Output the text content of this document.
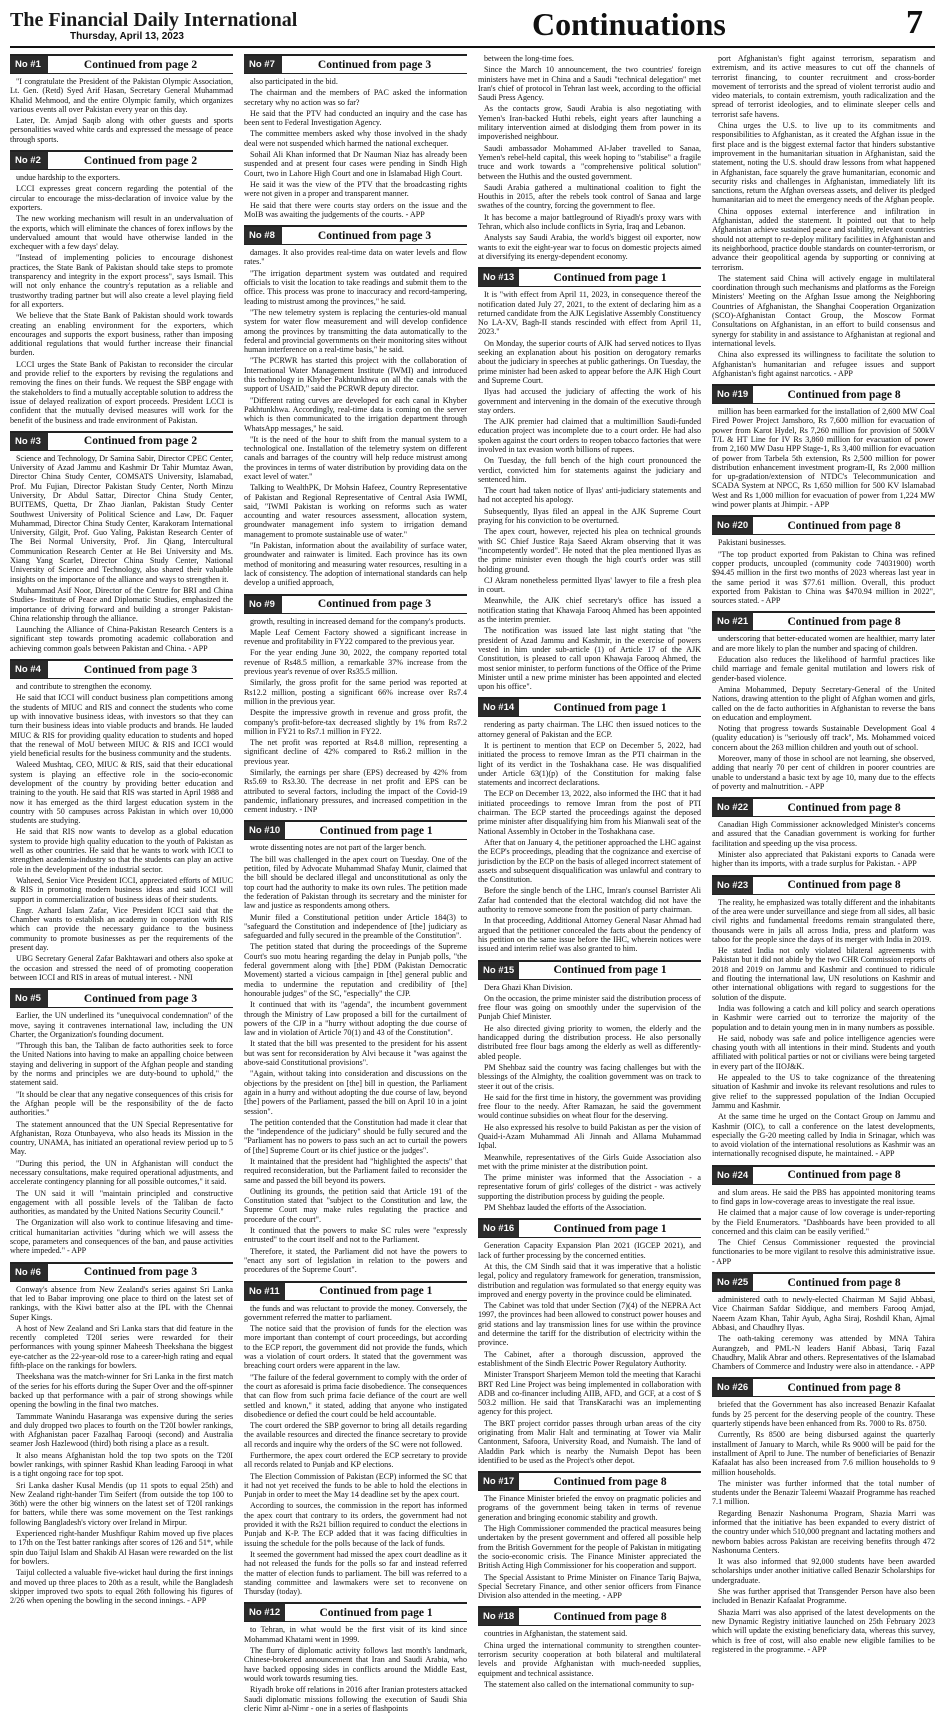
The Financial Daily International
Thursday, April 13, 2023	Continuations	7
No #1	Continued from page 2

"I congratulate the President of the Pakistan Olympic Association, Lt. Gen. (Retd) Syed Arif Hasan, Secretary General Muhammad Khalid Mehmood, and the entire Olympic family, which organizes various events all over Pakistan every year on this day.

Later, Dr. Amjad Saqib along with other guests and sports personalities waved white cards and expressed the message of peace through sports.

No #2	Continued from page 2

undue hardship to the exporters.

LCCI expresses great concern regarding the potential of the circular to encourage the miss-declaration of invoice value by the exporters.

The new working mechanism will result in an undervaluation of the exports, which will eliminate the chances of forex inflows by the undervalued amount that would have otherwise landed in the exchequer with a few days' delay.

"Instead of implementing policies to encourage dishonest practices, the State Bank of Pakistan should take steps to promote transparency and integrity in the export process", says Ismail. This will not only enhance the country's reputation as a reliable and trustworthy trading partner but will also create a level playing field for all exporters.

We believe that the State Bank of Pakistan should work towards creating an enabling environment for the exporters, which encourages and supports the export business, rather than imposing additional regulations that would further increase their financial burden.

LCCI urges the State Bank of Pakistan to reconsider the circular and provide relief to the exporters by revising the regulations and removing the fines on their funds. We request the SBP engage with the stakeholders to find a mutually acceptable solution to address the issue of delayed realization of export proceeds. President LCCI is confident that the mutually devised measures will work for the benefit of the business and trade environment of Pakistan.

No #3	Continued from page 2

Science and Technology, Dr Samina Sabir, Director CPEC Center, University of Azad Jammu and Kashmir Dr Tahir Mumtaz Awan, Director China Study Center, COMSATS University, Islamabad, Prof. Mu Fujian, Director Pakistan Study Center, North Minzu University, Dr Abdul Sattar, Director China Study Center, BUITEMS, Quetta, Dr Zhao Jianlan, Pakistan Study Center Southwest University of Political Science and Law, Dr. Faquer Muhammad, Director China Study Center, Karakoram International University, Gilgit, Prof. Guo Yaling, Pakistan Research Center of The Bei Normal University, Prof. Jin Qiang, Intercultural Communication Research Center at He Bei University and Ms. Xiang Yang Scarlet, Director China Study Center, National University of Science and Technology, also shared their valuable insights on the importance of the alliance and ways to strengthen it.

Muhammad Asif Noor, Director of the Centre for BRI and China Studies- Institute of Peace and Diplomatic Studies, emphasized the importance of driving forward and building a stronger Pakistan-China relationship through the alliance.

Launching the Alliance of China-Pakistan Research Centers is a significant step towards promoting academic collaboration and achieving common goals between Pakistan and China. - APP

No #4	Continued from page 3

and contribute to strengthen the economy.

He said that ICCI will conduct business plan competitions among the students of MIUC and RIS and connect the students who come up with innovative business ideas, with investors so that they can turn their business ideas into viable products and brands. He lauded MIUC & RIS for providing quality education to students and hoped that the renewal of MoU between MIUC & RIS and ICCI would yield beneficial results for the business community and the students.

Waleed Mushtaq, CEO, MIUC & RIS, said that their educational system is playing an effective role in the socio-economic development of the country by providing better education and training to the youth. He said that RIS was started in April 1988 and now it has emerged as the third largest education system in the country with 50 campuses across Pakistan in which over 10,000 students are studying.

He said that RIS now wants to develop as a global education system to provide high quality education to the youth of Pakistan as well as other countries. He said that he wants to work with ICCI to strengthen academia-industry so that the students can play an active role in the development of the industrial sector.

Waheed, Senior Vice President ICCI, appreciated efforts of MIUC & RIS in promoting modern business ideas and said ICCI will support in commercialization of business ideas of their students.

Engr. Azhard Islam Zafar, Vice President ICCI said that the Chamber wants to establish an academy in cooperation with RIS which can provide the necessary guidance to the business community to promote businesses as per the requirements of the present day.

UBG Secretary General Zafar Bakhtawari and others also spoke at the occasion and stressed the need of of promoting cooperation between ICCI and RIS in areas of mutual interest. - NNI

No #5	Continued from page 3

Earlier, the UN underlined its "unequivocal condemnation" of the move, saying it contravenes international law, including the UN Charter, the Organization's founding document.

"Through this ban, the Taliban de facto authorities seek to force the United Nations into having to make an appalling choice between staying and delivering in support of the Afghan people and standing by the norms and principles we are duty-bound to uphold," the statement said.

"It should be clear that any negative consequences of this crisis for the Afghan people will be the responsibility of the de facto authorities."

The statement announced that the UN Special Representative for Afghanistan, Roza Otunbayeva, who also heads its Mission in the country, UNAMA, has initiated an operational review period up to 5 May.

"During this period, the UN in Afghanistan will conduct the necessary consultations, make required operational adjustments, and accelerate contingency planning for all possible outcomes," it said.

The UN said it will "maintain principled and constructive engagement with all possible levels of the Taliban de facto authorities, as mandated by the United Nations Security Council."

The Organization will also work to continue lifesaving and time-critical humanitarian activities "during which we will assess the scope, parameters and consequences of the ban, and pause activities where impeded." - APP

No #6	Continued from page 3

Conway's absence from New Zealand's series against Sri Lanka that led to Babar improving one place to third on the latest set of rankings, with the Kiwi batter also at the IPL with the Chennai Super Kings.

A host of New Zealand and Sri Lanka stars that did feature in the recently completed T20I series were rewarded for their performances with young spinner Maheesh Theekshana the biggest eye-catcher as the 22-year-old rose to a career-high rating and equal fifth-place on the rankings for bowlers.

Theekshana was the match-winner for Sri Lanka in the first match of the series for his efforts during the Super Over and the off-spinner backed up that performance with a pair of strong showings while opening the bowling in the final two matches.

Tammmate Wanindu Hasaranga was expensive during the series and duly dropped two places to fourth on the T20I bowler rankings, with Afghanistan pacer Fazalhaq Farooqi (second) and Australia seamer Josh Hazlewood (third) both rising a place as a result.

It also means Afghanistan hold the top two spots on the T20I bowler rankings, with spinner Rashid Khan leading Farooqi in what is a tight ongoing race for top spot.

Sri Lanka dasher Kusal Mendis (up 11 spots to equal 25th) and New Zealand right-hander Tim Seifert (from outside the top 100 to 36th) were the other big winners on the latest set of T20I rankings for batters, while there was some movement on the Test rankings following Bangladesh's victory over Ireland in Mirpur.

Experienced right-hander Mushfiqur Rahim moved up five places to 17th on the Test batter rankings after scores of 126 and 51*, while spin duo Taijul Islam and Shakib Al Hasan were rewarded on the list for bowlers.

Taijul collected a valuable five-wicket haul during the first innings and moved up three places to 20th as a result, while the Bangladesh skipper improved two spots to equal 26th following his figures of 2/26 when opening the bowling in the second innings. - APP

No #7	Continued from page 3

also participated in the bid.

The chairman and the members of PAC asked the information secretary why no action was so far?

He said that the PTV had conducted an inquiry and the case has been sent to Federal Investigation Agency.

The committee members asked why those involved in the shady deal were not suspended which harmed the national exchequer.

Sohail Ali Khan informed that Dr Nauman Niaz has already been suspended and at present four cases were pending in Sindh High Court, two in Lahore High Court and one in Islamabad High Court.

He said it was the view of the PTV that the broadcasting rights were not given in a proper and transparent manner.

He said that there were courts stay orders on the issue and the MoIB was awaiting the judgements of the courts. - APP

No #8	Continued from page 3

damages. It also provides real-time data on water levels and flow rates."

"The irrigation department system was outdated and required officials to visit the location to take readings and submit them to the office. This process was prone to inaccuracy and record-tampering, leading to mistrust among the provinces," he said.

"The new telemetry system is replacing the centuries-old manual system for water flow measurement and will develop confidence among the provinces by transmitting the data automatically to the federal and provincial governments on their monitoring sites without human interference on a real-time basis," he said.

"The PCRWR has started this project with the collaboration of International Water Management Institute (IWMI) and introduced this technology in Khyber Pakhtunkhwa on all the canals with the support of USAID," said the PCRWR deputy director.

"Different rating curves are developed for each canal in Khyber Pakhtunkhwa. Accordingly, real-time data is coming on the server which is then communicated to the irrigation department through WhatsApp messages," he said.

"It is the need of the hour to shift from the manual system to a technological one. Installation of the telemetry system on different canals and barrages of the country will help reduce mistrust among the provinces in terms of water distribution by providing data on the exact level of water."

Talking to WealthPK, Dr Mohsin Hafeez, Country Representative of Pakistan and Regional Representative of Central Asia IWMI, said, "IWMI Pakistan is working on reforms such as water accounting and water resources assessment, allocation system, groundwater management info system to irrigation demand management to promote sustainable use of water."

"In Pakistan, information about the availability of surface water, groundwater and rainwater is limited. Each province has its own method of monitoring and measuring water resources, resulting in a lack of consistency. The adoption of international standards can help develop a unified approach,

No #9	Continued from page 3

growth, resulting in increased demand for the company's products.

Maple Leaf Cement Factory showed a significant increase in revenue and profitability in FY22 compared to the previous year.

For the year ending June 30, 2022, the company reported total revenue of Rs48.5 million, a remarkable 37% increase from the previous year's revenue of over Rs35.5 million.

Similarly, the gross profit for the same period was reported at Rs12.2 million, posting a significant 66% increase over Rs7.4 million in the previous year.

Despite the impressive growth in revenue and gross profit, the company's profit-before-tax decreased slightly by 1% from Rs7.2 million in FY21 to Rs7.1 million in FY22.

The net profit was reported at Rs4.8 million, representing a significant decline of 42% compared to Rs6.2 million in the previous year.

Similarly, the earnings per share (EPS) decreased by 42% from Rs5.69 to Rs3.30. The decrease in net profit and EPS can be attributed to several factors, including the impact of the Covid-19 pandemic, inflationary pressures, and increased competition in the cement industry. - INP

No #10	Continued from page 1

wrote dissenting notes are not part of the larger bench.

The bill was challenged in the apex court on Tuesday. One of the petition, filed by Advocate Muhammad Shafay Munir, claimed that the bill should be declared illegal and unconstitutional as only the top court had the authority to make its own rules. The petition made the federation of Pakistan through its secretary and the minister for law and justice as respondents among others.

Munir filed a Constitutional petition under Article 184(3) to "safeguard the Constitution and independence of [the] judiciary as safeguarded and fully secured in the preamble of the Constitution".

The petition stated that during the proceedings of the Supreme Court's suo motu hearing regarding the delay in Punjab polls, "the federal government along with [the] PDM (Pakistan Democratic Movement) started a vicious campaign in [the] general public and media to undermine the reputation and credibility of [the] honourable judges" of the SC, "especially" the CJP.

It continued that with its "agenda", the incumbent government through the Ministry of Law proposed a bill for the curtailment of powers of the CJP in a "hurry without adopting the due course of law and in violation of Article 70(1) and 43 of the Constitution".

It stated that the bill was presented to the president for his assent but was sent for reconsideration by Alvi because it "was against the above-said Constitutional provisions".

"Again, without taking into consideration and discussions on the objections by the president on [the] bill in question, the Parliament again in a hurry and without adopting the due course of law, beyond [the] powers of the Parliament, passed the bill on April 10 in a joint session".

The petition contended that the Constitution had made it clear that the "independence of the judiciary" should be fully secured and the "Parliament has no powers to pass such an act to curtail the powers of [the] Supreme Court or its chief justice or the judges".

It maintained that the president had "highlighted the aspects" that required reconsideration, but the Parliament failed to reconsider the same and passed the bill beyond its powers.

Outlining its grounds, the petition said that Article 191 of the Constitution stated that "subject to the Constitution and law, the Supreme Court may make rules regulating the practice and procedure of the court".

It continued that the powers to make SC rules were "expressly entrusted" to the court itself and not to the Parliament.

Therefore, it stated, the Parliament did not have the powers to "enact any sort of legislation in relation to the powers and procedures of the Supreme Court".

No #11	Continued from page 1

the funds and was reluctant to provide the money. Conversely, the government referred the matter to parliament.

The notice said that the provision of funds for the election was more important than contempt of court proceedings, but according to the ECP report, the government did not provide the funds, which was a violation of court orders. It stated that the government was breaching court orders were apparent in the law.

"The failure of the federal government to comply with the order of the court as aforesaid is prima facie disobedience. The consequences that can flow from such prima facie defiance of the court are well settled and known," it stated, adding that anyone who instigated disobedience or defied the court could be held accountable.

The court ordered the SBP governor to bring all details regarding the available resources and directed the finance secretary to provide all records and inquire why the orders of the SC were not followed.

Furthermore, the apex court ordered the ECP secretary to provide all records related to Punjab and KP elections.

The Election Commission of Pakistan (ECP) informed the SC that it had not yet received the funds to be able to hold the elections in Punjab in order to meet the May 14 deadline set by the apex court.

According to sources, the commission in the report has informed the apex court that contrary to its orders, the government had not provided it with the Rs21 billion required to conduct the elections in Punjab and K-P. The ECP added that it was facing difficulties in issuing the schedule for the polls because of the lack of funds.

It seemed the government had missed the apex court deadline as it had not released the funds for the polls so far and instead referred the matter of election funds to parliament. The bill was referred to a standing committee and lawmakers were set to reconvene on Thursday (today).

No #12	Continued from page 1

to Tehran, in what would be the first visit of its kind since Mohammad Khatami went in 1999.

The flurry of diplomatic activity follows last month's landmark, Chinese-brokered announcement that Iran and Saudi Arabia, who have backed opposing sides in conflicts around the Middle East, would work towards resuming ties.

Riyadh broke off relations in 2016 after Iranian protesters attacked Saudi diplomatic missions following the execution of Saudi Shia cleric Nimr al-Nimr - one in a series of flashpoints

between the long-time foes.

Since the March 10 announcement, the two countries' foreign ministers have met in China and a Saudi "technical delegation" met Iran's chief of protocol in Tehran last week, according to the official Saudi Press Agency.

As the contacts grow, Saudi Arabia is also negotiating with Yemen's Iran-backed Huthi rebels, eight years after launching a military intervention aimed at dislodging them from power in its impoverished neighbour.

Saudi ambassador Mohammed Al-Jaber travelled to Sanaa, Yemen's rebel-held capital, this week hoping to "stabilise" a fragile truce and work towards a "comprehensive political solution" between the Huthis and the ousted government.

Saudi Arabia gathered a multinational coalition to fight the Houthis in 2015, after the rebels took control of Sanaa and large swathes of the country, forcing the government to flee.

It has become a major battleground of Riyadh's proxy wars with Tehran, which also include conflicts in Syria, Iraq and Lebanon.

Analysts say Saudi Arabia, the world's biggest oil exporter, now wants to exit the eight-year war to focus on domestic projects aimed at diversifying its energy-dependent economy.

No #13	Continued from page 1

It is "with effect from April 11, 2023, in consequence thereof the notification dated July 27, 2021, to the extent of declaring him as a returned candidate from the AJK Legislative Assembly Constituency No LA-XV, Bagh-II stands rescinded with effect from April 11, 2023."

On Monday, the superior courts of AJK had served notices to Ilyas seeking an explanation about his position on derogatory remarks about the judiciary in speeches at public gatherings. On Tuesday, the prime minister had been asked to appear before the AJK High Court and Supreme Court.

Ilyas had accused the judiciary of affecting the work of his government and intervening in the domain of the executive through stay orders.

The AJK premier had claimed that a multimillion Saudi-funded education project was incomplete due to a court order. He had also spoken against the court orders to reopen tobacco factories that were involved in tax evasion worth billions of rupees.

On Tuesday, the full bench of the high court pronounced the verdict, convicted him for statements against the judiciary and sentenced him.

The court had taken notice of Ilyas' anti-judiciary statements and had not accepted his apology.

Subsequently, Ilyas filed an appeal in the AJK Supreme Court praying for his conviction to be overturned.

The apex court, however, rejected his plea on technical grounds with SC Chief Justice Raja Saeed Akram observing that it was "incompetently worded". He noted that the plea mentioned Ilyas as the prime minister even though the high court's order was still holding ground.

CJ Akram nonetheless permitted Ilyas' lawyer to file a fresh plea in court.

Meanwhile, the AJK chief secretary's office has issued a notification stating that Khawaja Farooq Ahmed has been appointed as the interim premier.

The notification was issued late last night stating that "the president of Azad Jammu and Kashmir, in the exercise of powers vested in him under sub-article (1) of Article 17 of the AJK Constitution, is pleased to call upon Khawaja Farooq Ahmed, the most senior minister, to perform functions of the Office of the Prime Minister until a new prime minister has been appointed and elected upon his office".

No #14	Continued from page 1

rendering as party chairman. The LHC then issued notices to the attorney general of Pakistan and the ECP.

It is pertinent to mention that ECP on December 5, 2022, had initiated the process to remove Imran as the PTI chairman in the light of its verdict in the Toshakhana case. He was disqualified under Article 63(1)(p) of the Constitution for making false statements and incorrect declarations.

The ECP on December 13, 2022, also informed the IHC that it had initiated proceedings to remove Imran from the post of PTI chairman. The ECP started the proceedings against the deposed prime minister after disqualifying him from his Mianwali seat of the National Assembly in October in the Toshakhana case.

After that on January 4, the petitioner approached the LHC against the ECP's proceedings, pleading that the cognizance and exercise of jurisdiction by the ECP on the basis of alleged incorrect statement of assets and subsequent disqualification was unlawful and contrary to the Constitution.

Before the single bench of the LHC, Imran's counsel Barrister Ali Zafar had contended that the electoral watchdog did not have the authority to remove someone from the position of party chairman.

In that proceeding, Additional Attorney General Nasar Ahmad had argued that the petitioner concealed the facts about the pendency of his petition on the same issue before the IHC, wherein notices were issued and interim relief was also granted to him.

No #15	Continued from page 1

Dera Ghazi Khan Division.

On the occasion, the prime minister said the distribution process of free flour was going on smoothly under the supervision of the Punjab Chief Minister.

He also directed giving priority to women, the elderly and the handicapped during the distribution process. He also personally distributed free flour bags among the elderly as well as differently-abled people.

PM Shehbaz said the country was facing challenges but with the blessings of the Almighty, the coalition government was on track to steer it out of the crisis.

He said for the first time in history, the government was providing free flour to the needy. After Ramazan, he said the government would continue subsidies on wheat flour for the deserving.

He also expressed his resolve to build Pakistan as per the vision of Quaid-i-Azam Muhammad Ali Jinnah and Allama Muhammad Iqbal.

Meanwhile, representatives of the Girls Guide Association also met with the prime minister at the distribution point.

The prime minister was informed that the Association - a representative forum of girls' colleges of the district - was actively supporting the distribution process by guiding the people.

PM Shehbaz lauded the efforts of the Association.

No #16	Continued from page 1

Generation Capacity Expansion Plan 2021 (IGCEP 2021), and lack of further processing by the concerned entities.

At this, the CM Sindh said that it was imperative that a holistic legal, policy and regulatory framework for generation, transmission, distribution and regulation was formulated so that energy equity was improved and energy poverty in the province could be eliminated.

The Cabinet was told that under Section (7)(4) of the NEPRA Act 1997, the provinces had been allowed to construct power houses and grid stations and lay transmission lines for use within the province and determine the tariff for the distribution of electricity within the province.

The Cabinet, after a thorough discussion, approved the establishment of the Sindh Electric Power Regulatory Authority.

Minister Transport Sharjeem Memon told the meeting that Karachi BRT Red Line Project was being implemented in collaboration with ADB and co-financer including AIIB, AFD, and GCF, at a cost of $ 503.2 million. He said that TransKarachi was an implementing agency for this project.

The BRT project corridor passes through urban areas of the city originating from Malir Halt and terminating at Tower via Malir Cantonment, Safoora, University Road, and Numaish. The land of Aladdin Park which is nearby the Numaish Depot has been identified to be used as the Project's other depot.

No #17	Continued from page 8

The Finance Minister briefed the envoy on pragmatic policies and programs of the government being taken in terms of revenue generation and bringing economic stability and growth.

The High Commissioner commended the practical measures being undertaken by the present government and offered all possible help from the British Government for the people of Pakistan in mitigating the socio-economic crisis. The Finance Minister appreciated the British Acting High Commissioner for his cooperation and support.

The Special Assistant to Prime Minister on Finance Tariq Bajwa, Special Secretary Finance, and other senior officers from Finance Division also attended in the meeting. - APP

No #18	Continued from page 8

countries in Afghanistan, the statement said.

China urged the international community to strengthen counter-terrorism security cooperation at both bilateral and multilateral levels and provide Afghanistan with much-needed supplies, equipment and technical assistance.

The statement also called on the international community to sup-

port Afghanistan's fight against terrorism, separatism and extremism, and its active measures to cut off the channels of terrorist financing, to counter recruitment and cross-border movement of terrorists and the spread of violent terrorist audio and video materials, to contain extremism, youth radicalization and the spread of terrorist ideologies, and to eliminate sleeper cells and terrorist safe havens.

China urges the U.S. to live up to its commitments and responsibilities to Afghanistan, as it created the Afghan issue in the first place and is the biggest external factor that hinders substantive improvement in the humanitarian situation in Afghanistan, said the statement, noting the U.S. should draw lessons from what happened in Afghanistan, face squarely the grave humanitarian, economic and security risks and challenges in Afghanistan, immediately lift its sanctions, return the Afghan overseas assets, and deliver its pledged humanitarian aid to meet the emergency needs of the Afghan people.

China opposes external interference and infiltration in Afghanistan, added the statement. It pointed out that to help Afghanistan achieve sustained peace and stability, relevant countries should not attempt to re-deploy military facilities in Afghanistan and its neighborhood, practice double standards on counter-terrorism, or advance their geopolitical agenda by supporting or conniving at terrorism.

The statement said China will actively engage in multilateral coordination through such mechanisms and platforms as the Foreign Ministers' Meeting on the Afghan Issue among the Neighboring Countries of Afghanistan, the Shanghai Cooperation Organization (SCO)-Afghanistan Contact Group, the Moscow Format Consultations on Afghanistan, in an effort to build consensus and synergy for stability in and assistance to Afghanistan at regional and international levels.

China also expressed its willingness to facilitate the solution to Afghanistan's humanitarian and refugee issues and support Afghanistan's fight against narcotics. - APP

No #19	Continued from page 8

million has been earmarked for the installation of 2,600 MW Coal Fired Power Project Jamshoro, Rs 7,600 million for evacuation of power from Karot Hydel, Rs 7,260 million for provision of 500kV T/L & HT Line for IV Rs 3,860 million for evacuation of power from 2,160 MW Dasu HPP Stage-1, Rs 3,400 million for evacuation of power from Tarbela 5th extension, Rs 2,500 million for power distribution enhancement investment program-II, Rs 2,000 million for up-gradation/extension of NTDC's Telecommunication and SCADA System at NPCC, Rs 1,650 million for 500 KV Islamabad West and Rs 1,000 million for evacuation of power from 1,224 MW wind power plants at Jhimpir. - APP

No #20	Continued from page 8

Pakistani businesses.

"The top product exported from Pakistan to China was refined copper products, uncoupled (community code 74031900) worth $94.45 million in the first two months of 2023 whereas last year in the same period it was $77.61 million. Overall, this product exported from Pakistan to China was $470.94 million in 2022", sources stated. - APP

No #21	Continued from page 8

underscoring that better-educated women are healthier, marry later and are more likely to plan the number and spacing of children.

Education also reduces the likelihood of harmful practices like child marriage and female genital mutilation and lowers risk of gender-based violence.

Amina Mohammed, Deputy Secretary-General of the United Nations, drawing attention to the plight of Afghan women and girls, called on the de facto authorities in Afghanistan to reverse the bans on education and employment.

Noting that progress towards Sustainable Development Goal 4 (quality education) is "seriously off track", Ms. Mohammed voiced concern about the 263 million children and youth out of school.

Moreover, many of those in school are not learning, she observed, adding that nearly 70 per cent of children in poorer countries are unable to understand a basic text by age 10, many due to the effects of poverty and malnutrition. - APP

No #22	Continued from page 8

Canadian High Commissioner acknowledged Minister's concerns and assured that the Canadian government is working for further facilitation and speeding up the visa process.

Minister also appreciated that Pakistani exports to Canada were higher than its imports, with a trade surplus for Pakistan. - APP

No #23	Continued from page 8

The reality, he emphasized was totally different and the inhabitants of the area were under surveillance and siege from all sides, all basic civil rights and fundamental freedoms remain strangulated there, thousands were in jails all across India, press and platform was taboo for the people since the days of its merger with India in 2019.

He stated India not only violated bilateral agreements with Pakistan but it did not abide by the two CHR Commission reports of 2018 and 2019 on Jammu and Kashmir and continued to ridicule and flouting the international law, UN resolutions on Kashmir and other international obligations with regard to suggestions for the solution of the dispute.

India was following a catch and kill policy and search operations in Kashmir were carried out to terrorize the majority of the population and to detain young men in in many numbers as possible.

He said, nobody was safe and police intelligence agencies were chasing youth with all intentions in their mind. Students and youth affiliated with political parties or not or civilians were being targeted in every part of the IIOJ&K.

He appealed to the US to take cognizance of the threatening situation of Kashmir and invoke its relevant resolutions and rules to give relief to the suppressed population of the Indian Occupied Jammu and Kashmir.

At the same time he urged on the Contact Group on Jammu and Kashmir (OIC), to call a conference on the latest developments, especially the G-20 meeting called by India in Srinagar, which was to avoid violation of the international resolutions as Kashmir was an internationally recognised dispute, he maintained. - APP

No #24	Continued from page 8

and slum areas. He said the PBS has appointed monitoring teams to find gaps in low-coverage areas to investigate the real issue.

He claimed that a major cause of low coverage is under-reporting by the Field Enumerators. "Dashboards have been provided to all concerned and this claim can be easily verified."

The Chief Census Commissioner requested the provincial functionaries to be more vigilant to resolve this administrative issue. - APP

No #25	Continued from page 8

administered oath to newly-elected Chairman M Sajid Abbasi, Vice Chairman Safdar Siddique, and members Farooq Amjad, Naeem Azam Khan, Tahir Ayub, Agha Siraj, Roshdil Khan, Ajmal Abbasi, and Chaudhry Ilyas.

The oath-taking ceremony was attended by MNA Tahira Aurangzeb, and PML-N leaders Hanif Abbasi, Tariq Fazal Chaudhry, Malik Abrar and others. Representatives of the Islamabad Chambers of Commerce and Industry were also in attendance. - APP

No #26	Continued from page 8

briefed that the Government has also increased Benazir Kafaalat funds by 25 percent for the deserving people of the country. These quarterly stipends have been enhanced from Rs. 7000 to Rs. 8750.

Currently, Rs 8500 are being disbursed against the quarterly installment of January to March, while Rs 9000 will be paid for the installment of April to June. The number of beneficiaries of Benazir Kafaalat has also been increased from 7.6 million households to 9 million households.

The minister was further informed that the total number of students under the Benazir Taleemi Waazaif Programme has reached 7.1 million.

Regarding Benazir Nashonuma Program, Shazia Marri was informed that the initiative has been expanded to every district of the country under which 510,000 pregnant and lactating mothers and newborn babies across Pakistan are receiving benefits through 472 Nashonuma Centers.

It was also informed that 92,000 students have been awarded scholarships under another initiative called Benazir Scholarships for undergraduate.

She was further apprised that Transgender Person have also been included in Benazir Kafaalat Programme.

Shazia Marri was also apprised of the latest developments on the new Dynamic Registry initiative launched on 25th February 2023 which will update the existing beneficiary data, whereas this survey, which is free of cost, will also enable new eligible families to be registered in the programme. - APP
